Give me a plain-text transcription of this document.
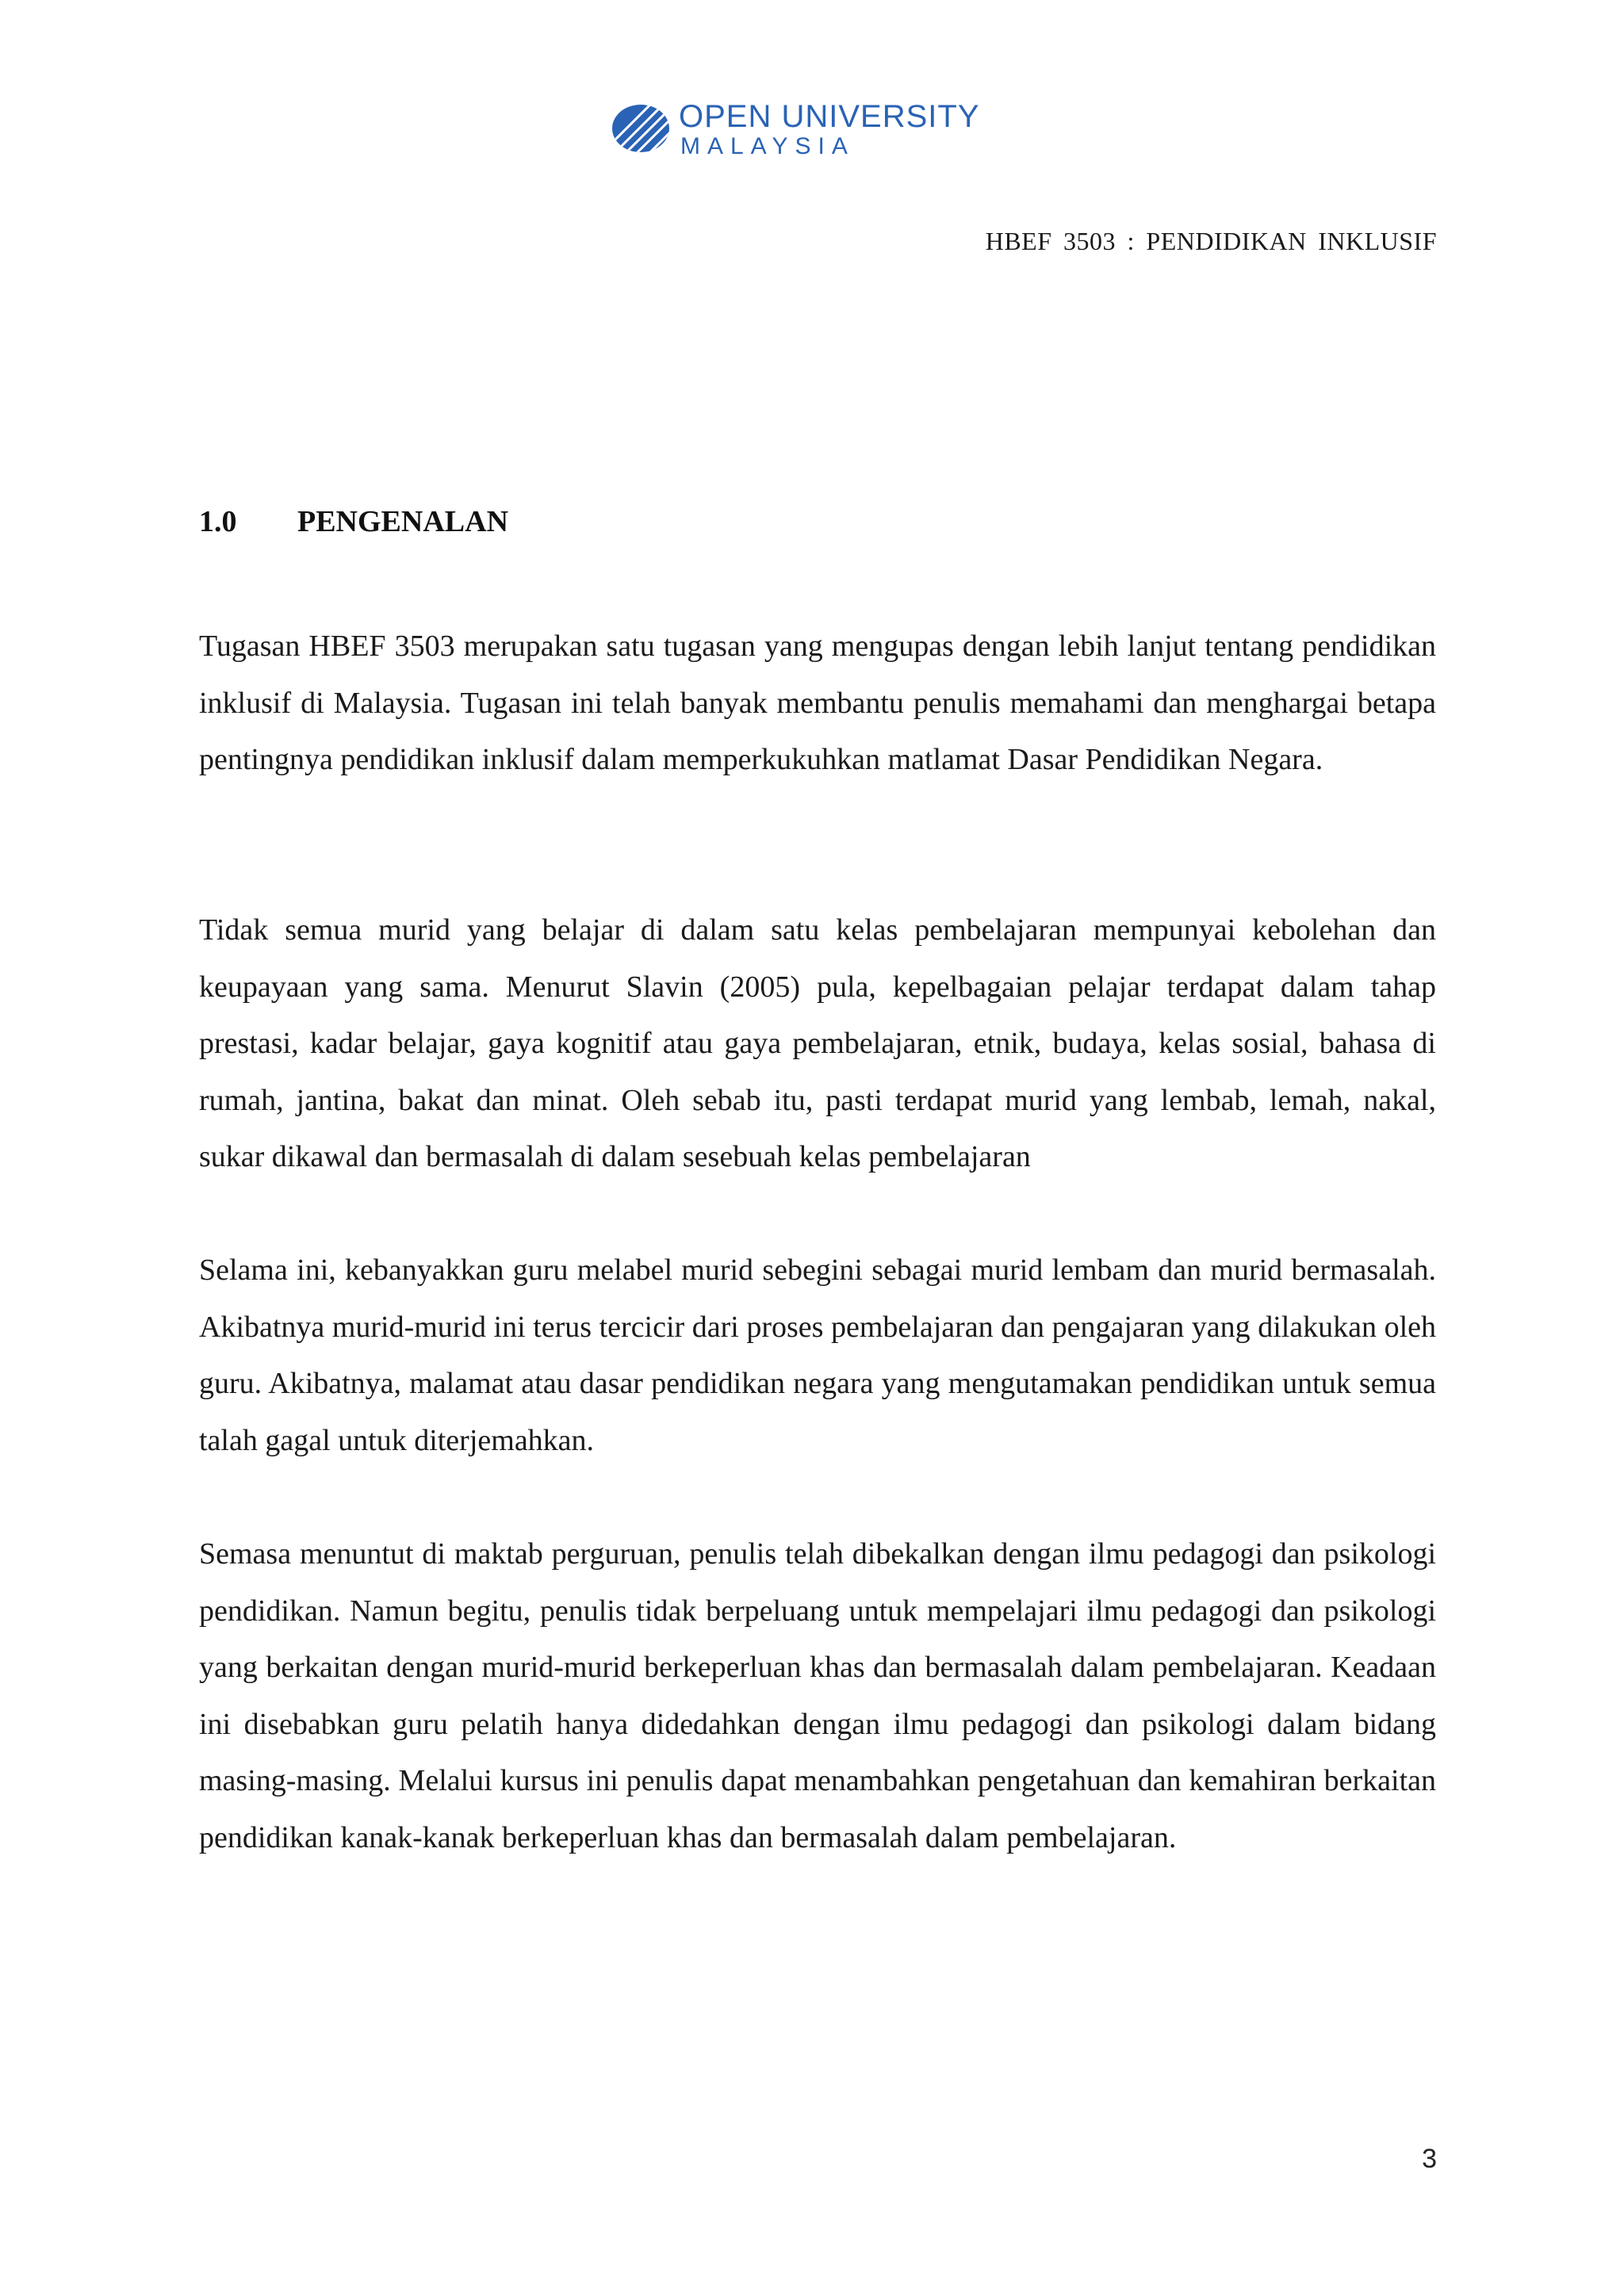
OPEN UNIVERSITY
MALAYSIA
HBEF 3503 : PENDIDIKAN INKLUSIF
1.0 PENGENALAN

Tugasan HBEF 3503 merupakan satu tugasan yang mengupas dengan lebih lanjut tentang pendidikan inklusif di Malaysia. Tugasan ini telah banyak membantu penulis memahami dan menghargai betapa pentingnya pendidikan inklusif dalam memperkukuhkan matlamat Dasar Pendidikan Negara.

Tidak semua murid yang belajar di dalam satu kelas pembelajaran mempunyai kebolehan dan keupayaan yang sama. Menurut Slavin (2005) pula, kepelbagaian pelajar terdapat dalam tahap prestasi, kadar belajar, gaya kognitif atau gaya pembelajaran, etnik, budaya, kelas sosial, bahasa di rumah, jantina, bakat dan minat. Oleh sebab itu, pasti terdapat murid yang lembab, lemah, nakal, sukar dikawal dan bermasalah di dalam sesebuah kelas pembelajaran

Selama ini, kebanyakkan guru melabel murid sebegini sebagai murid lembam dan murid bermasalah. Akibatnya murid-murid ini terus tercicir dari proses pembelajaran dan pengajaran yang dilakukan oleh guru. Akibatnya, malamat atau dasar pendidikan negara yang mengutamakan pendidikan untuk semua talah gagal untuk diterjemahkan.

Semasa menuntut di maktab perguruan, penulis telah dibekalkan dengan ilmu pedagogi dan psikologi pendidikan. Namun begitu, penulis tidak berpeluang untuk mempelajari ilmu pedagogi dan psikologi yang berkaitan dengan murid-murid berkeperluan khas dan bermasalah dalam pembelajaran. Keadaan ini disebabkan guru pelatih hanya didedahkan dengan ilmu pedagogi dan psikologi dalam bidang masing-masing. Melalui kursus ini penulis dapat menambahkan pengetahuan dan kemahiran berkaitan pendidikan kanak-kanak berkeperluan khas dan bermasalah dalam pembelajaran.

3
